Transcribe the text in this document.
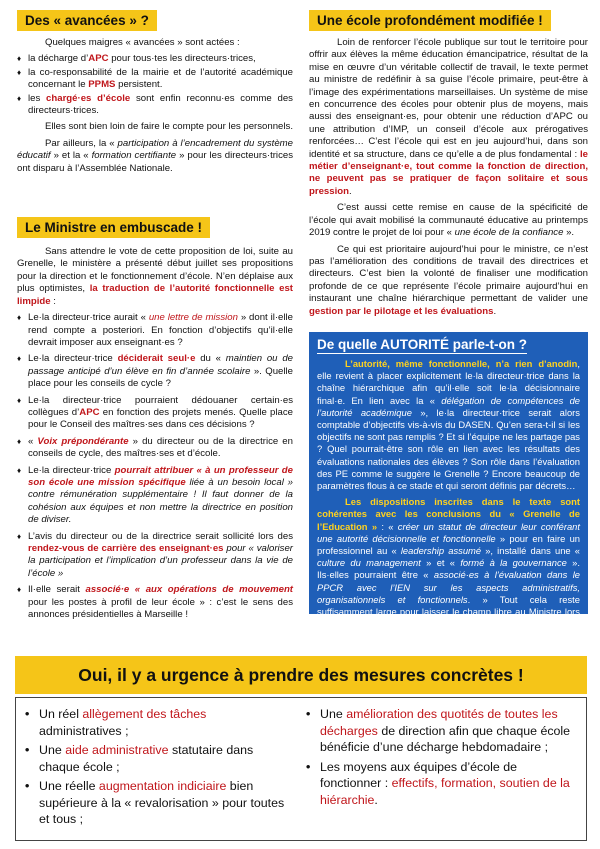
Des « avancées » ?

Quelques maigres « avancées » sont actées :

♦ la décharge d’APC pour tous·tes les directeurs·trices,

♦ la co-responsabilité de la mairie et de l’autorité académique concernant le PPMS persistent.

♦ les chargé·es d’école sont enfin reconnu·es comme des directeurs·trices.

Elles sont bien loin de faire le compte pour les personnels.

Par ailleurs, la « participation à l’encadrement du système éducatif » et la « formation certifiante » pour les directeurs·trices ont disparu à l’Assemblée Nationale.

Le Ministre en embuscade !

Sans attendre le vote de cette proposition de loi, suite au Grenelle, le ministère a présenté début juillet ses propositions pour la direction et le fonctionnement d’école. N’en déplaise aux plus optimistes, la traduction de l’autorité fonctionnelle est limpide :

♦ Le·la directeur·trice aurait « une lettre de mission » dont il·elle rend compte a posteriori. En fonction d’objectifs qu’il·elle devrait imposer aux enseignant·es ?

♦ Le·la directeur·trice déciderait seul·e du « maintien ou de passage anticipé d’un élève en fin d’année scolaire ». Quelle place pour les conseils de cycle ?

♦ Le·la directeur·trice pourraient dédouaner certain·es collègues d’APC en fonction des projets menés. Quelle place pour le Conseil des maîtres·ses dans ces décisions ?

♦ « Voix prépondérante » du directeur ou de la directrice en conseils de cycle, des maîtres·ses et d’école.

♦ Le·la directeur·trice pourrait attribuer « à un professeur de son école une mission spécifique liée à un besoin local » contre rémunération supplémentaire ! Il faut donner de la cohésion aux équipes et non mettre la directrice en position de diviser.

♦ L’avis du directeur ou de la directrice serait sollicité lors des rendez-vous de carrière des enseignant·es pour « valoriser la participation et l’implication d’un professeur dans la vie de l’école »

♦ Il·elle serait associé·e « aux opérations de mouvement pour les postes à profil de leur école » : c’est le sens des annonces présidentielles à Marseille !

Une école profondément modifiée !

Loin de renforcer l’école publique sur tout le territoire pour offrir aux élèves la même éducation émancipatrice, résultat de la mise en œuvre d’un véritable collectif de travail, le texte permet au ministre de redéfinir à sa guise l’école primaire, peut-être à l’image des expérimentations marseillaises. Un système de mise en concurrence des écoles pour obtenir plus de moyens, mais aussi des enseignant·es, pour obtenir une réduction d’APC ou une attribution d’IMP, un conseil d’école aux prérogatives renforcées… C’est l’école qui est en jeu aujourd’hui, dans son identité et sa structure, dans ce qu’elle a de plus fondamental : le métier d’enseignant·e, tout comme la fonction de direction, ne peuvent pas se pratiquer de façon solitaire et sous pression.

C’est aussi cette remise en cause de la spécificité de l’école qui avait mobilisé la communauté éducative au printemps 2019 contre le projet de loi pour « une école de la confiance ».

Ce qui est prioritaire aujourd’hui pour le ministre, ce n’est pas l’amélioration des conditions de travail des directrices et directeurs. C’est bien la volonté de finaliser une modification profonde de ce que représente l’école primaire aujourd’hui en instaurant une chaîne hiérarchique permettant de valider une gestion par le pilotage et les évaluations.

De quelle AUTORITÉ parle-t-on ?

L’autorité, même fonctionnelle, n’a rien d’anodin, elle revient à placer explicitement le·la directeur·trice dans la chaîne hiérarchique afin qu’il·elle soit le·la décisionnaire final·e. En lien avec la « délégation de compétences de l’autorité académique », le·la directeur·trice serait alors comptable d’objectifs vis-à-vis du DASEN. Qu’en sera-t-il si les objectifs ne sont pas remplis ? Et si l’équipe ne les partage pas ? Quel pourrait-être son rôle en lien avec les résultats des évaluations nationales des élèves ? Son rôle dans l’évaluation des PE comme le suggère le Grenelle ? Encore beaucoup de paramètres flous à ce stade et qui seront définis par décrets…

Les dispositions inscrites dans le texte sont cohérentes avec les conclusions du « Grenelle de l’Education » : « créer un statut de directeur leur conférant une autorité décisionnelle et fonctionnelle » pour en faire un professionnel au « leadership assumé », installé dans une « culture du management » et « formé à la gouvernance ». Ils·elles pourraient être « associé·es à l’évaluation dans le PPCR avec l’IEN sur les aspects administratifs, organisationnels et fonctionnels. » Tout cela reste suffisamment large pour laisser le champ libre au Ministre lors de la publication des textes réglementaires .

Oui, il y a urgence à prendre des mesures concrètes !
• Un réel allègement des tâches administratives ;
• Une aide administrative statutaire dans chaque école ;
• Une réelle augmentation indiciaire bien supérieure à la « revalorisation » pour toutes et tous ;
• Une amélioration des quotités de toutes les décharges de direction afin que chaque école bénéficie d’une décharge hebdomadaire ;
• Les moyens aux équipes d’école de fonctionner : effectifs, formation, soutien de la hiérarchie.
